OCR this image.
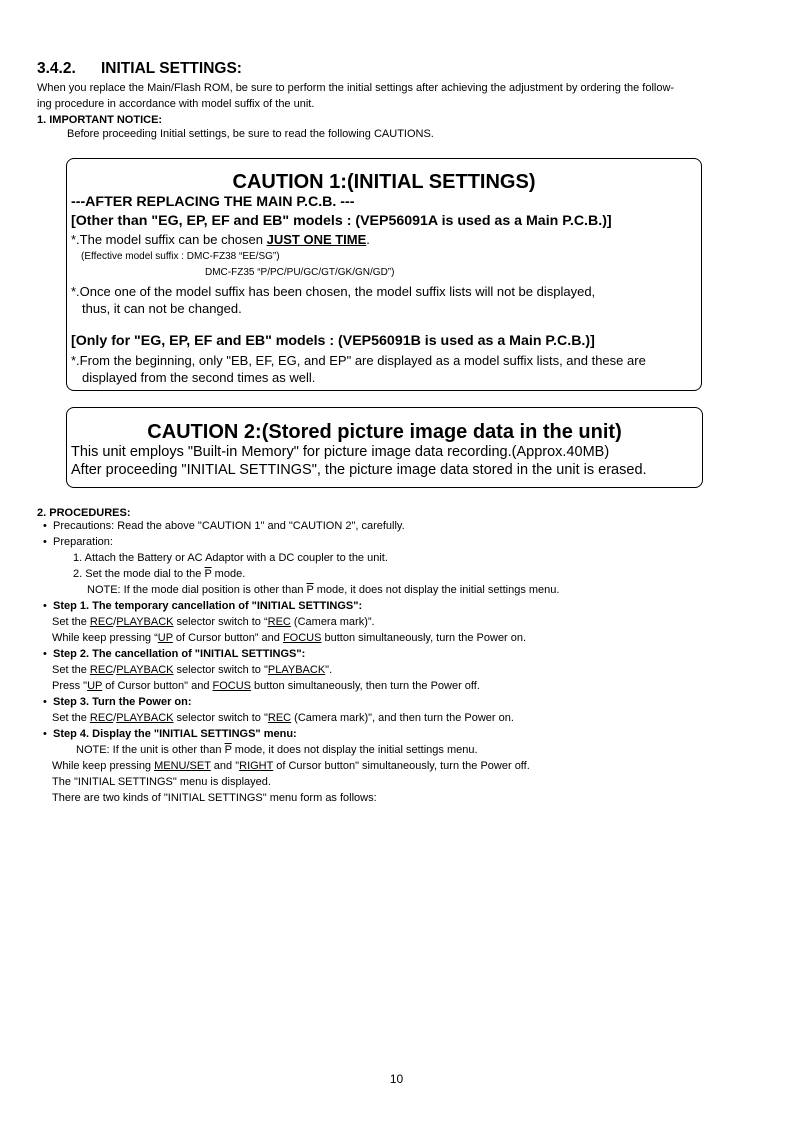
3.4.2. INITIAL SETTINGS:
When you replace the Main/Flash ROM, be sure to perform the initial settings after achieving the adjustment by ordering the follow-
ing procedure in accordance with model suffix of the unit.
1. IMPORTANT NOTICE:
Before proceeding Initial settings, be sure to read the following CAUTIONS.
CAUTION 1:(INITIAL SETTINGS)
---AFTER REPLACING THE MAIN P.C.B. ---
[Other than "EG, EP, EF and EB" models : (VEP56091A is used as a Main P.C.B.)]
*.The model suffix can be chosen JUST ONE TIME.
(Effective model suffix : DMC-FZ38 “EE/SG”)
DMC-FZ35 “P/PC/PU/GC/GT/GK/GN/GD”)
*.Once one of the model suffix has been chosen, the model suffix lists will not be displayed,
thus, it can not be changed.
[Only for "EG, EP, EF and EB" models : (VEP56091B is used as a Main P.C.B.)]
*.From the beginning, only "EB, EF, EG, and EP" are displayed as a model suffix lists, and these are
displayed from the second times as well.
CAUTION 2:(Stored picture image data in the unit)
This unit employs "Built-in Memory" for picture image data recording.(Approx.40MB)
After proceeding "INITIAL SETTINGS", the picture image data stored in the unit is erased.
2. PROCEDURES:
• Precautions: Read the above "CAUTION 1" and "CAUTION 2", carefully.
• Preparation:
1. Attach the Battery or AC Adaptor with a DC coupler to the unit.
2. Set the mode dial to the $\overline{P}$ mode.
NOTE: If the mode dial position is other than $\overline{P}$ mode, it does not display the initial settings menu.
• Step 1. The temporary cancellation of "INITIAL SETTINGS":
Set the REC/PLAYBACK selector switch to “REC (Camera mark)”.
While keep pressing “UP of Cursor button” and FOCUS button simultaneously, turn the Power on.
• Step 2. The cancellation of "INITIAL SETTINGS":
Set the REC/PLAYBACK selector switch to "PLAYBACK".
Press "UP of Cursor button" and FOCUS button simultaneously, then turn the Power off.
• Step 3. Turn the Power on:
Set the REC/PLAYBACK selector switch to "REC (Camera mark)", and then turn the Power on.
• Step 4. Display the "INITIAL SETTINGS" menu:
NOTE: If the unit is other than $\overline{P}$ mode, it does not display the initial settings menu.
While keep pressing MENU/SET and "RIGHT of Cursor button" simultaneously, turn the Power off.
The "INITIAL SETTINGS" menu is displayed.
There are two kinds of "INITIAL SETTINGS" menu form as follows:
10
